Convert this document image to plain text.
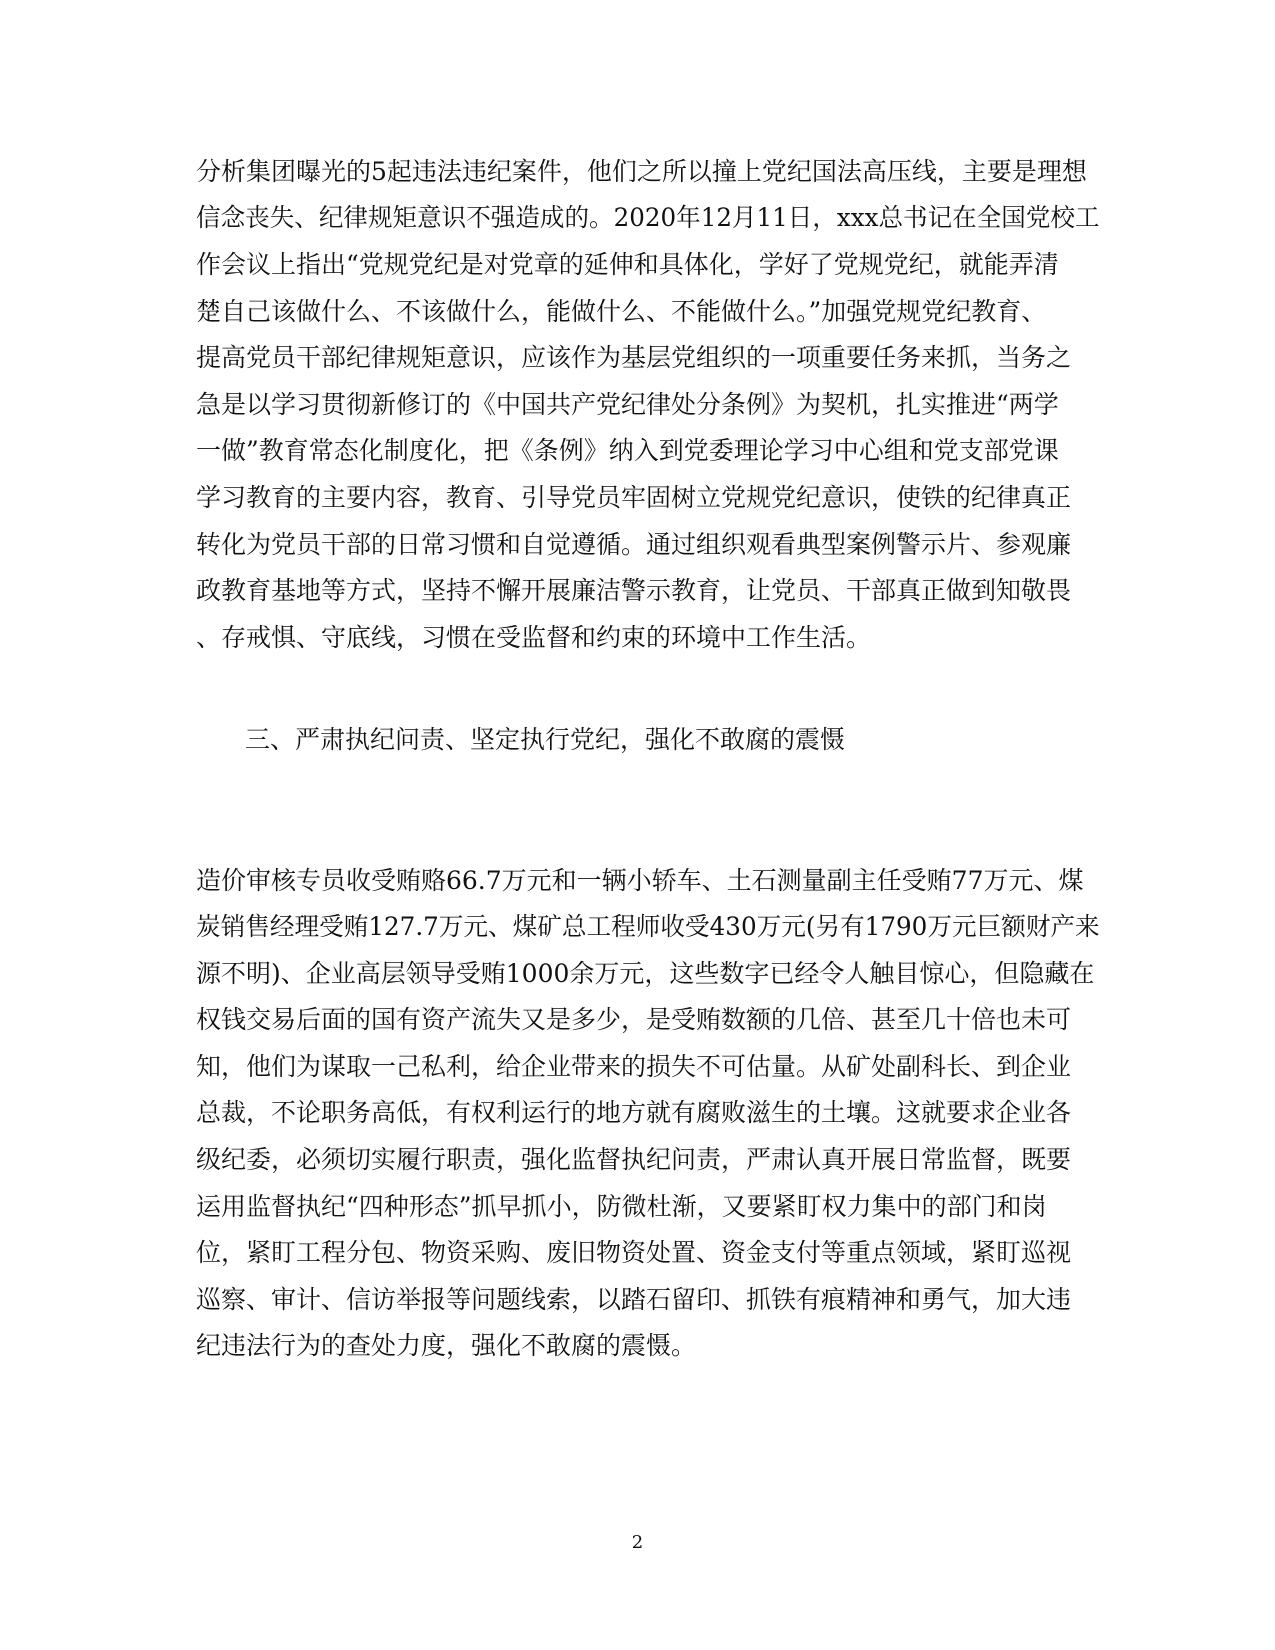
分析集团曝光的5起违法违纪案件，他们之所以撞上党纪国法高压线，主要是理想
信念丧失、纪律规矩意识不强造成的。2020年12月11日，xxx总书记在全国党校工
作会议上指出“党规党纪是对党章的延伸和具体化，学好了党规党纪，就能弄清
楚自己该做什么、不该做什么，能做什么、不能做什么。”加强党规党纪教育、
提高党员干部纪律规矩意识，应该作为基层党组织的一项重要任务来抓，当务之
急是以学习贯彻新修订的《中国共产党纪律处分条例》为契机，扎实推进“两学
一做”教育常态化制度化，把《条例》纳入到党委理论学习中心组和党支部党课
学习教育的主要内容，教育、引导党员牢固树立党规党纪意识，使铁的纪律真正
转化为党员干部的日常习惯和自觉遵循。通过组织观看典型案例警示片、参观廉
政教育基地等方式，坚持不懈开展廉洁警示教育，让党员、干部真正做到知敬畏
、存戒惧、守底线，习惯在受监督和约束的环境中工作生活。
三、严肃执纪问责、坚定执行党纪，强化不敢腐的震慑
造价审核专员收受贿赂66.7万元和一辆小轿车、土石测量副主任受贿77万元、煤
炭销售经理受贿127.7万元、煤矿总工程师收受430万元(另有1790万元巨额财产来
源不明)、企业高层领导受贿1000余万元，这些数字已经令人触目惊心，但隐藏在
权钱交易后面的国有资产流失又是多少，是受贿数额的几倍、甚至几十倍也未可
知，他们为谋取一己私利，给企业带来的损失不可估量。从矿处副科长、到企业
总裁，不论职务高低，有权利运行的地方就有腐败滋生的土壤。这就要求企业各
级纪委，必须切实履行职责，强化监督执纪问责，严肃认真开展日常监督，既要
运用监督执纪“四种形态”抓早抓小，防微杜渐，又要紧盯权力集中的部门和岗
位，紧盯工程分包、物资采购、废旧物资处置、资金支付等重点领域，紧盯巡视
巡察、审计、信访举报等问题线索，以踏石留印、抓铁有痕精神和勇气，加大违
纪违法行为的查处力度，强化不敢腐的震慑。
2
